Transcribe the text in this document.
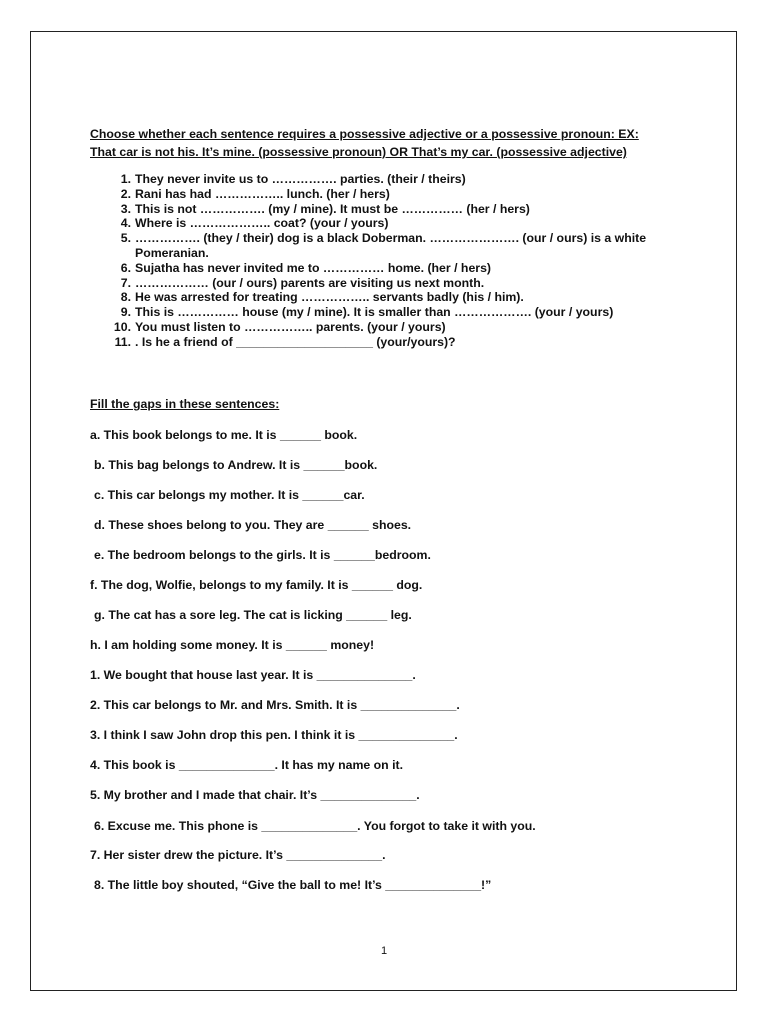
Choose whether each sentence requires a possessive adjective or a possessive pronoun: EX:
That car is not his. It’s mine. (possessive pronoun) OR That’s my car. (possessive adjective)
1. They never invite us to ……………. parties. (their / theirs)
2. Rani has had …………….. lunch. (her / hers)
3. This is not ……………. (my / mine). It must be …………… (her / hers)
4. Where is ……………….. coat? (your / yours)
5. ……………. (they / their) dog is a black Doberman. …………………. (our / ours) is a white
Pomeranian.
6. Sujatha has never invited me to …………… home. (her / hers)
7. ……………… (our / ours) parents are visiting us next month.
8. He was arrested for treating …………….. servants badly (his / him).
9. This is …………… house (my / mine). It is smaller than ………………. (your / yours)
10. You must listen to …………….. parents. (your / yours)
11. . Is he a friend of ____________________ (your/yours)?
Fill the gaps in these sentences:
a. This book belongs to me. It is ______ book.
b. This bag belongs to Andrew. It is ______book.
c. This car belongs my mother. It is ______car.
d. These shoes belong to you. They are ______ shoes.
e. The bedroom belongs to the girls. It is ______bedroom.
f. The dog, Wolfie, belongs to my family. It is ______ dog.
g. The cat has a sore leg. The cat is licking ______ leg.
h. I am holding some money. It is ______ money!
1. We bought that house last year. It is ______________.
2. This car belongs to Mr. and Mrs. Smith. It is ______________.
3. I think I saw John drop this pen. I think it is ______________.
4. This book is ______________. It has my name on it.
5. My brother and I made that chair. It’s ______________.
6. Excuse me. This phone is ______________. You forgot to take it with you.
7. Her sister drew the picture. It’s ______________.
8. The little boy shouted, “Give the ball to me! It’s ______________!”
1
